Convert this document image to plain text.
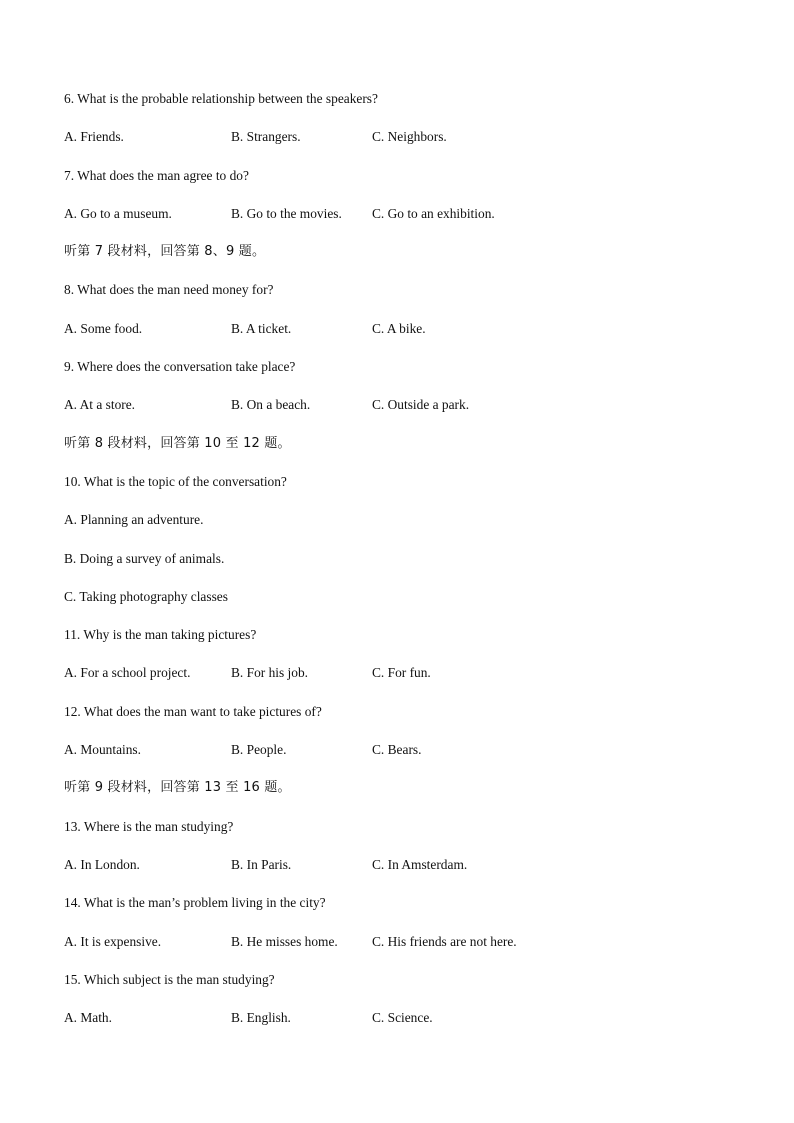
6. What is the probable relationship between the speakers?
A. Friends.	B. Strangers.	C. Neighbors.
7. What does the man agree to do?
A. Go to a museum.	B. Go to the movies. C. Go to an exhibition.
听第 7 段材料，回答第 8、9 题。
8. What does the man need money for?
A. Some food.	B. A ticket.	C. A bike.
9. Where does the conversation take place?
A. At a store.	B. On a beach.	C. Outside a park.
听第 8 段材料，回答第 10 至 12 题。
10. What is the topic of the conversation?
A. Planning an adventure.
B. Doing a survey of animals.
C. Taking photography classes
11. Why is the man taking pictures?
A. For a school project.	B. For his job.	C. For fun.
12. What does the man want to take pictures of?
A. Mountains.	B. People.	C. Bears.
听第 9 段材料，回答第 13 至 16 题。
13. Where is the man studying?
A. In London.	B. In Paris.	C. In Amsterdam.
14. What is the man’s problem living in the city?
A. It is expensive.	B. He misses home.	C. His friends are not here.
15. Which subject is the man studying?
A. Math.	B. English.	C. Science.
